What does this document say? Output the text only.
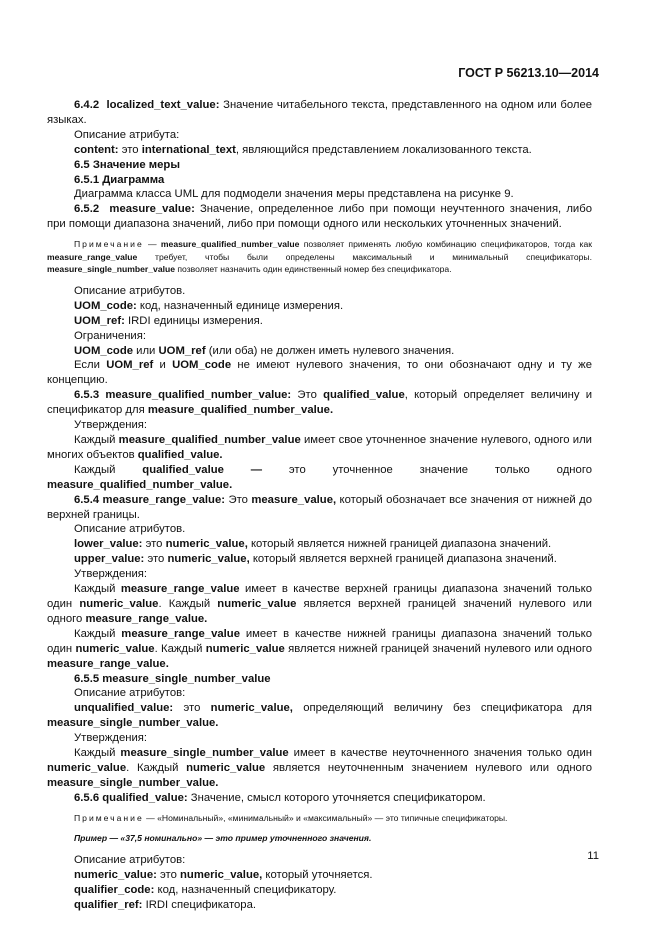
ГОСТ Р 56213.10—2014

6.4.2 localized_text_value: Значение читабельного текста, представленного на одном или более языках.

Описание атрибута:

content: это international_text, являющийся представлением локализованного текста.

6.5 Значение меры

6.5.1 Диаграмма

Диаграмма класса UML для подмодели значения меры представлена на рисунке 9.

6.5.2 measure_value: Значение, определенное либо при помощи неучтенного значения, либо при помощи диапазона значений, либо при помощи одного или нескольких уточненных значений.

Примечание — measure_qualified_number_value позволяет применять любую комбинацию спецификаторов, тогда как measure_range_value требует, чтобы были определены максимальный и минимальный спецификаторы. measure_single_number_value позволяет назначить один единственный номер без спецификатора.

Описание атрибутов.

UOM_code: код, назначенный единице измерения.

UOM_ref: IRDI единицы измерения.

Ограничения:

UOM_code или UOM_ref (или оба) не должен иметь нулевого значения.

Если UOM_ref и UOM_code не имеют нулевого значения, то они обозначают одну и ту же концепцию.

6.5.3 measure_qualified_number_value: Это qualified_value, который определяет величину и спецификатор для measure_qualified_number_value.

Утверждения:

Каждый measure_qualified_number_value имеет свое уточненное значение нулевого, одного или многих объектов qualified_value.

Каждый qualified_value — это уточненное значение только одного measure_qualified_number_value.

6.5.4 measure_range_value: Это measure_value, который обозначает все значения от нижней до верхней границы.

Описание атрибутов.

lower_value: это numeric_value, который является нижней границей диапазона значений.

upper_value: это numeric_value, который является верхней границей диапазона значений.

Утверждения:

Каждый measure_range_value имеет в качестве верхней границы диапазона значений только один numeric_value. Каждый numeric_value является верхней границей значений нулевого или одного measure_range_value.

Каждый measure_range_value имеет в качестве нижней границы диапазона значений только один numeric_value. Каждый numeric_value является нижней границей значений нулевого или одного measure_range_value.

6.5.5 measure_single_number_value

Описание атрибутов:

unqualified_value: это numeric_value, определяющий величину без спецификатора для measure_single_number_value.

Утверждения:

Каждый measure_single_number_value имеет в качестве неуточненного значения только один numeric_value. Каждый numeric_value является неуточненным значением нулевого или одного measure_single_number_value.

6.5.6 qualified_value: Значение, смысл которого уточняется спецификатором.

Примечание — «Номинальный», «минимальный» и «максимальный» — это типичные спецификаторы.

Пример — «37,5 номинально» — это пример уточненного значения.

Описание атрибутов:

numeric_value: это numeric_value, который уточняется.

qualifier_code: код, назначенный спецификатору.

qualifier_ref: IRDI спецификатора.

11
